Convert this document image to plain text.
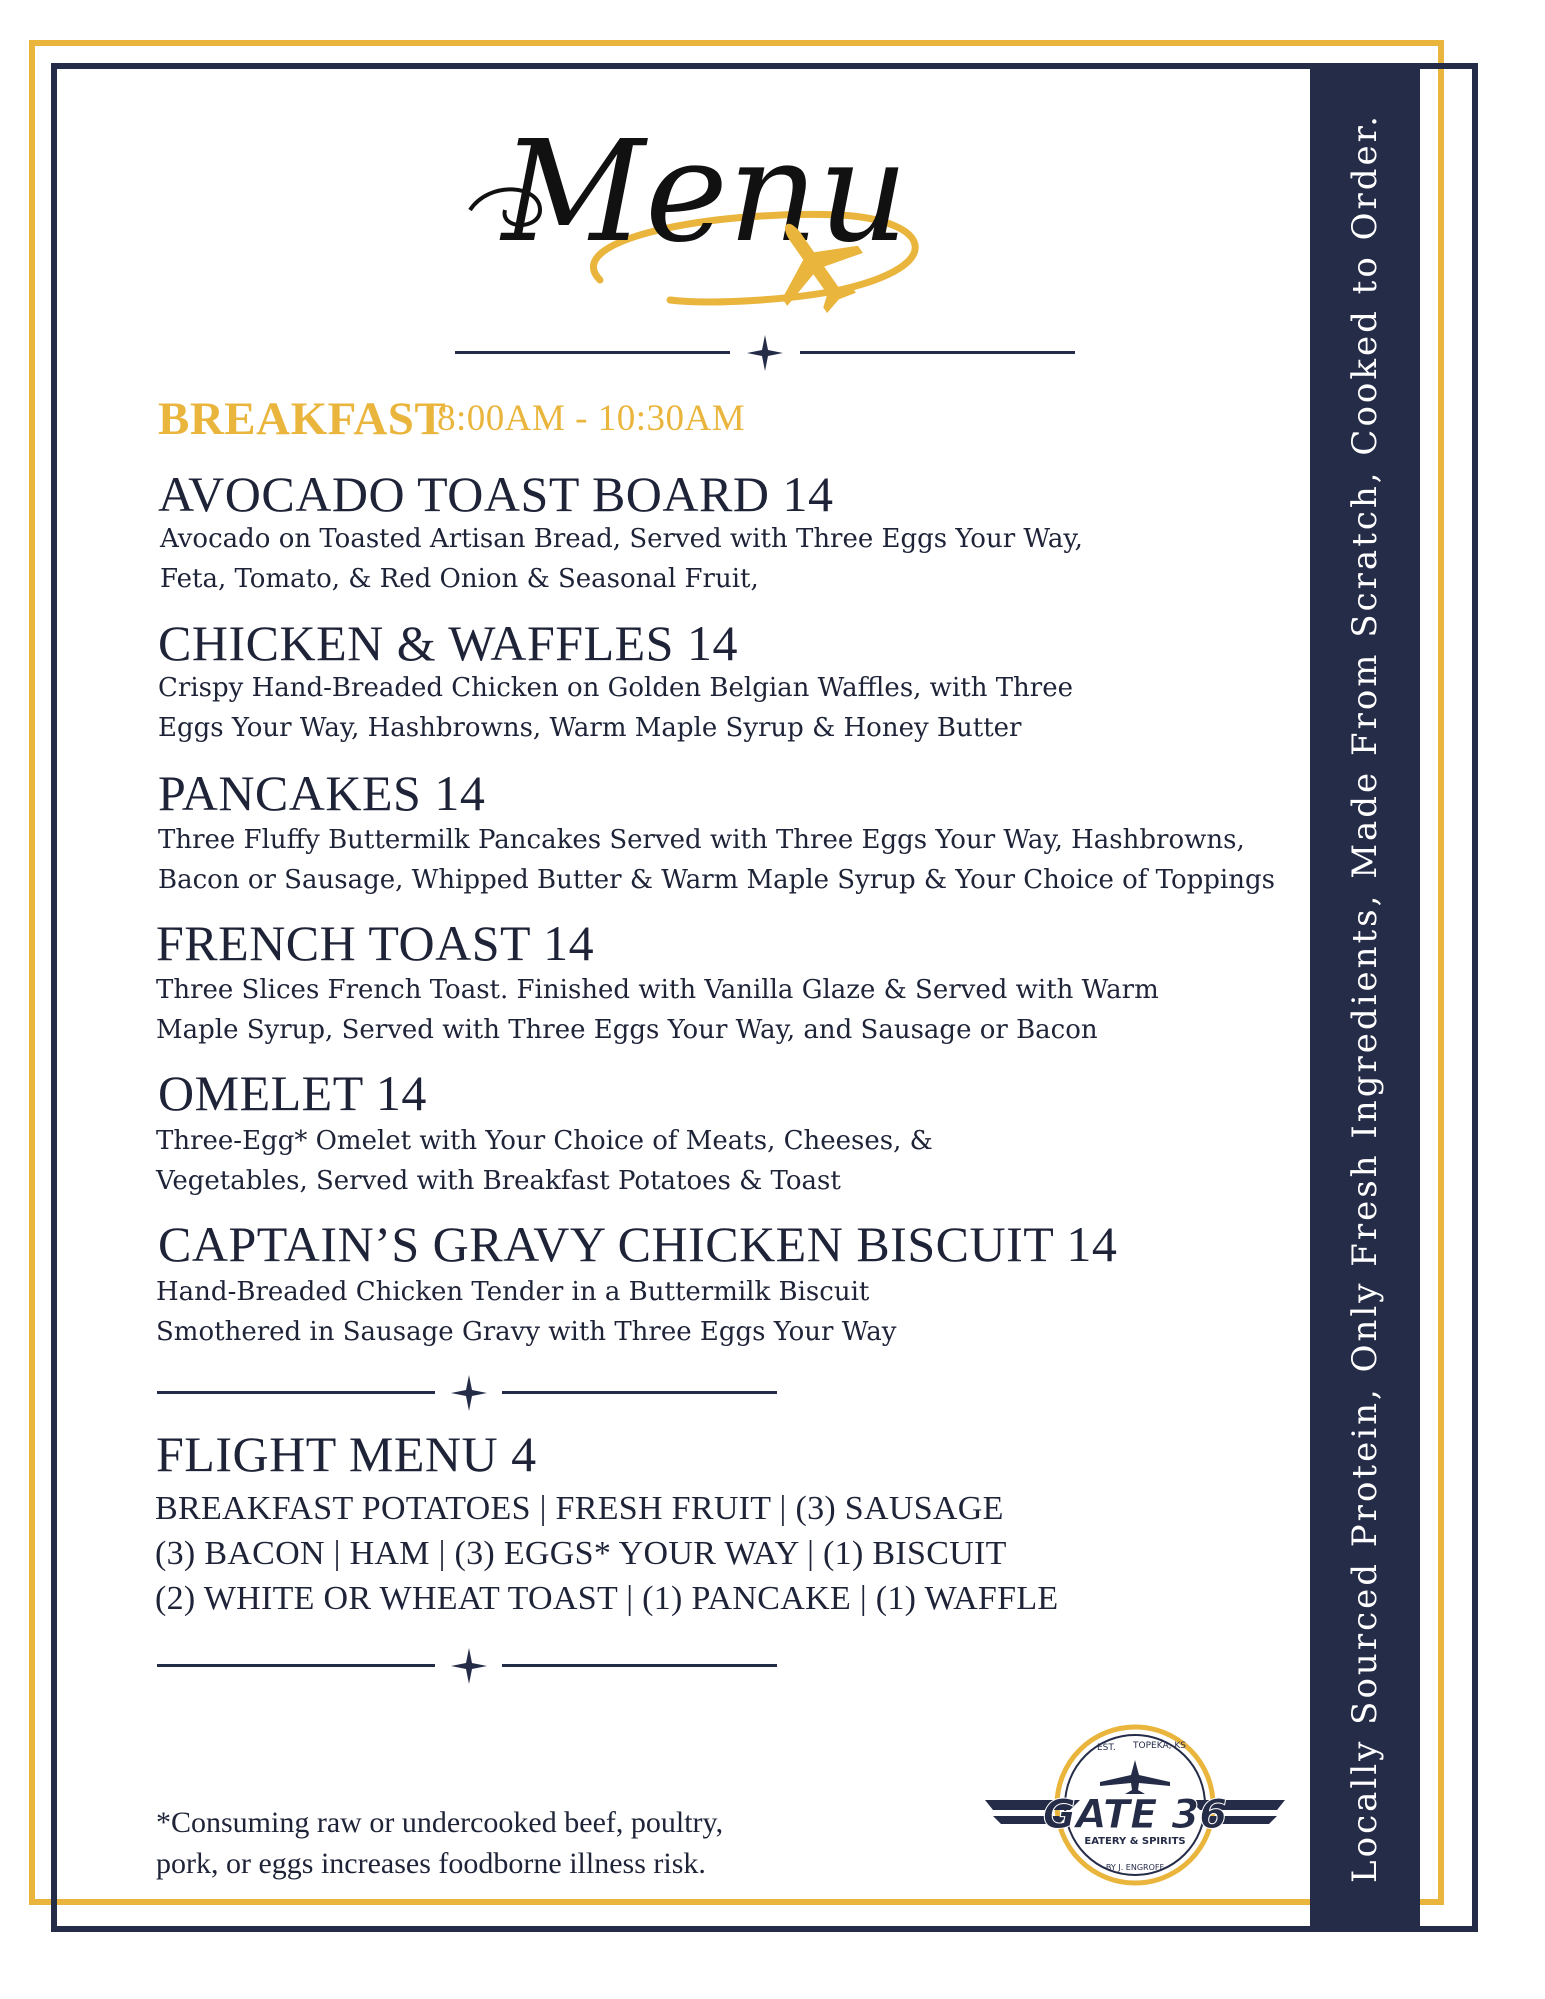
Locally Sourced Protein, Only Fresh Ingredients, Made From Scratch, Cooked to Order.
Menu
BREAKFAST
8:00AM - 10:30AM
AVOCADO TOAST BOARD 14
Avocado on Toasted Artisan Bread, Served with Three Eggs Your Way,
Feta, Tomato, & Red Onion & Seasonal Fruit,
CHICKEN & WAFFLES 14
Crispy Hand-Breaded Chicken on Golden Belgian Waffles, with Three
Eggs Your Way, Hashbrowns, Warm Maple Syrup & Honey Butter
PANCAKES 14
Three Fluffy Buttermilk Pancakes Served with Three Eggs Your Way, Hashbrowns,
Bacon or Sausage, Whipped Butter & Warm Maple Syrup & Your Choice of Toppings
FRENCH TOAST 14
Three Slices French Toast. Finished with Vanilla Glaze & Served with Warm
Maple Syrup, Served with Three Eggs Your Way, and Sausage or Bacon
OMELET 14
Three-Egg* Omelet with Your Choice of Meats, Cheeses, &
Vegetables, Served with Breakfast Potatoes & Toast
CAPTAIN’S GRAVY CHICKEN BISCUIT 14
Hand-Breaded Chicken Tender in a Buttermilk Biscuit
Smothered in Sausage Gravy with Three Eggs Your Way
FLIGHT MENU 4
BREAKFAST POTATOES | FRESH FRUIT | (3) SAUSAGE
(3) BACON | HAM | (3) EGGS* YOUR WAY | (1) BISCUIT
(2) WHITE OR WHEAT TOAST | (1) PANCAKE | (1) WAFFLE
*Consuming raw or undercooked beef, poultry,
pork, or eggs increases foodborne illness risk.
EST. TOPEKA, KS
GATE 36
EATERY & SPIRITS
BY J. ENGROFF
